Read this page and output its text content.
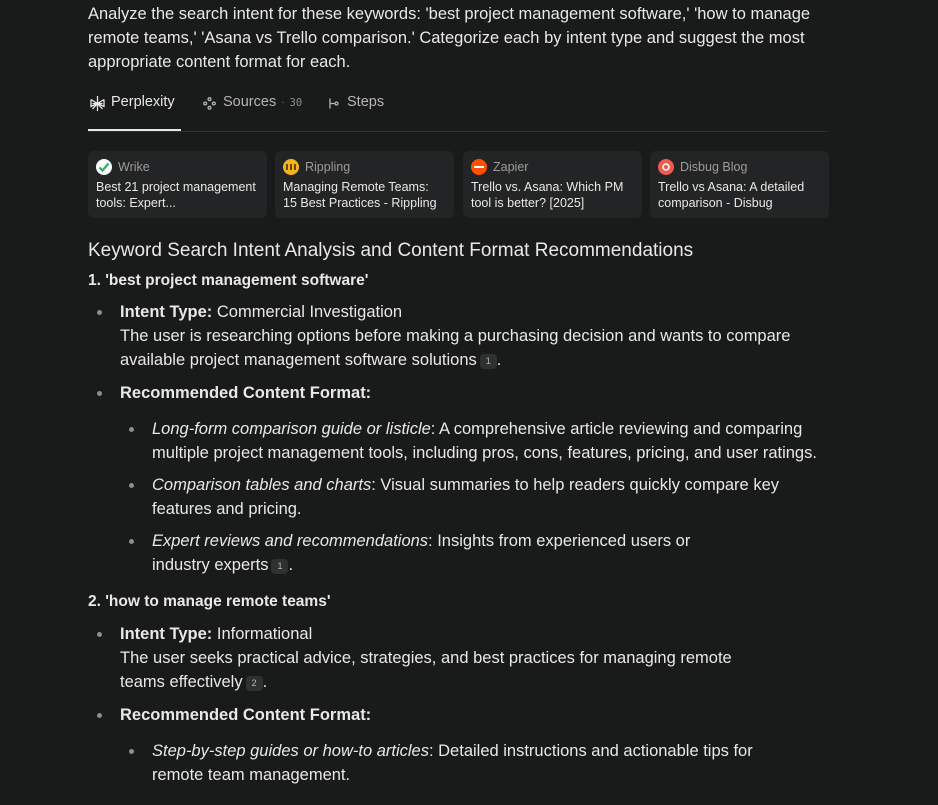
Analyze the search intent for these keywords: 'best project management software,' 'how to manage remote teams,' 'Asana vs Trello comparison.' Categorize each by intent type and suggest the most appropriate content format for each.
Perplexity	Sources · 30	Steps
Wrike
Best 21 project management tools: Expert...
Rippling
Managing Remote Teams: 15 Best Practices - Rippling
Zapier
Trello vs. Asana: Which PM tool is better? [2025]
Disbug Blog
Trello vs Asana: A detailed comparison - Disbug
Keyword Search Intent Analysis and Content Format Recommendations
1. 'best project management software'
Intent Type: Commercial Investigation
The user is researching options before making a purchasing decision and wants to compare available project management software solutions 1 .
Recommended Content Format:
Long-form comparison guide or listicle: A comprehensive article reviewing and comparing multiple project management tools, including pros, cons, features, pricing, and user ratings.
Comparison tables and charts: Visual summaries to help readers quickly compare key features and pricing.
Expert reviews and recommendations: Insights from experienced users or
industry experts 1 .
2. 'how to manage remote teams'
Intent Type: Informational
The user seeks practical advice, strategies, and best practices for managing remote
teams effectively 2 .
Recommended Content Format:
Step-by-step guides or how-to articles: Detailed instructions and actionable tips for
remote team management.
